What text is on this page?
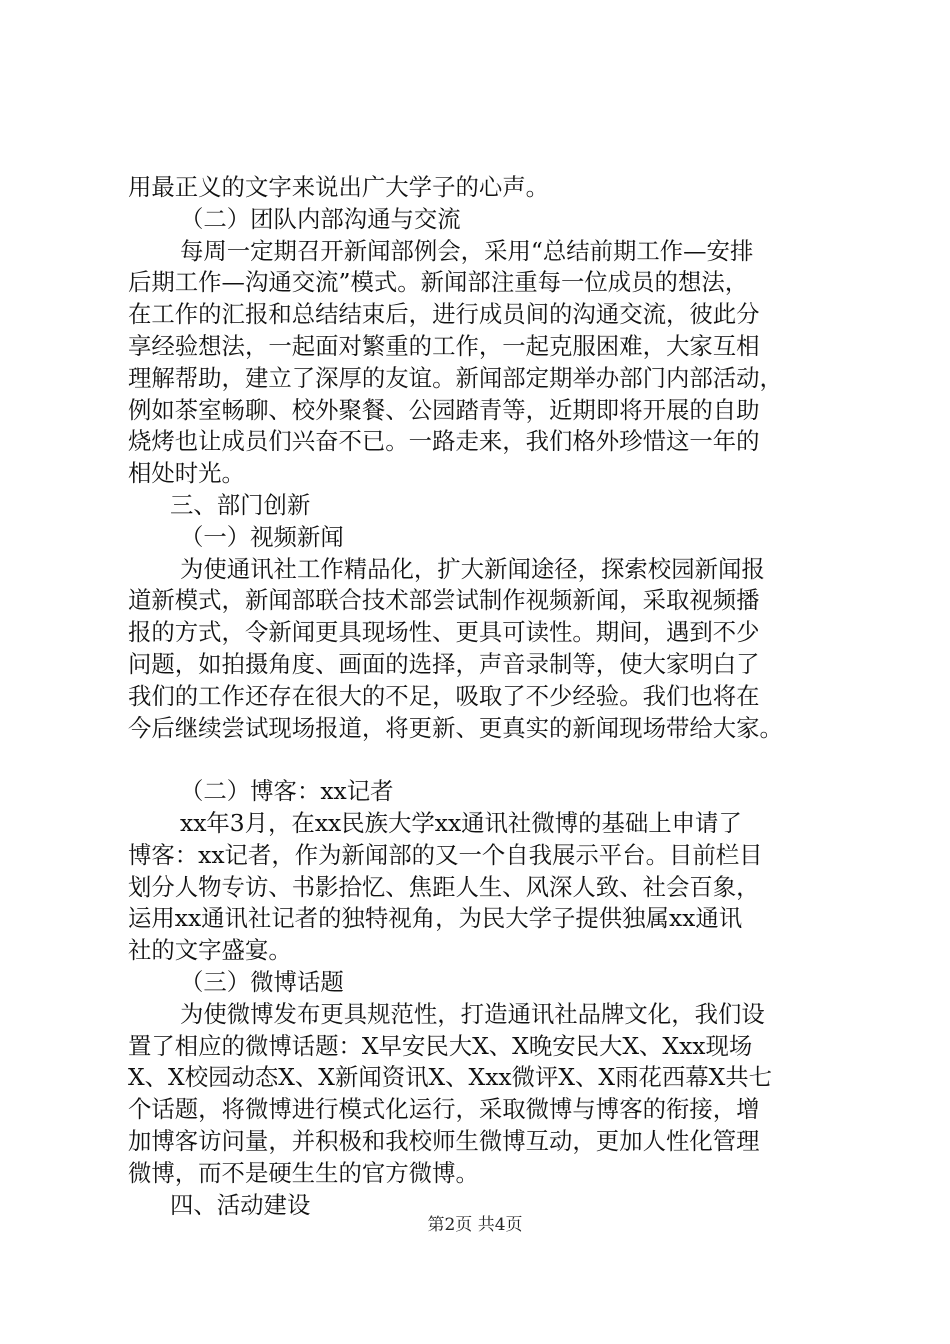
用最正义的文字来说出广大学子的心声。
（二）团队内部沟通与交流
每周一定期召开新闻部例会，采用“总结前期工作—安排
后期工作—沟通交流”模式。新闻部注重每一位成员的想法，
在工作的汇报和总结结束后，进行成员间的沟通交流，彼此分
享经验想法，一起面对繁重的工作，一起克服困难，大家互相
理解帮助，建立了深厚的友谊。新闻部定期举办部门内部活动，
例如茶室畅聊、校外聚餐、公园踏青等，近期即将开展的自助
烧烤也让成员们兴奋不已。一路走来，我们格外珍惜这一年的
相处时光。
三、部门创新
（一）视频新闻
为使通讯社工作精品化，扩大新闻途径，探索校园新闻报
道新模式，新闻部联合技术部尝试制作视频新闻，采取视频播
报的方式，令新闻更具现场性、更具可读性。期间，遇到不少
问题，如拍摄角度、画面的选择，声音录制等，使大家明白了
我们的工作还存在很大的不足，吸取了不少经验。我们也将在
今后继续尝试现场报道，将更新、更真实的新闻现场带给大家。
（二）博客：xx记者
xx年3月，在xx民族大学xx通讯社微博的基础上申请了
博客：xx记者，作为新闻部的又一个自我展示平台。目前栏目
划分人物专访、书影拾忆、焦距人生、风深人致、社会百象，
运用xx通讯社记者的独特视角，为民大学子提供独属xx通讯
社的文字盛宴。
（三）微博话题
为使微博发布更具规范性，打造通讯社品牌文化，我们设
置了相应的微博话题：X早安民大X、X晚安民大X、Xxx现场
X、X校园动态X、X新闻资讯X、Xxx微评X、X雨花西幕X共七
个话题，将微博进行模式化运行，采取微博与博客的衔接，增
加博客访问量，并积极和我校师生微博互动，更加人性化管理
微博，而不是硬生生的官方微博。
四、活动建设
第2页 共4页
